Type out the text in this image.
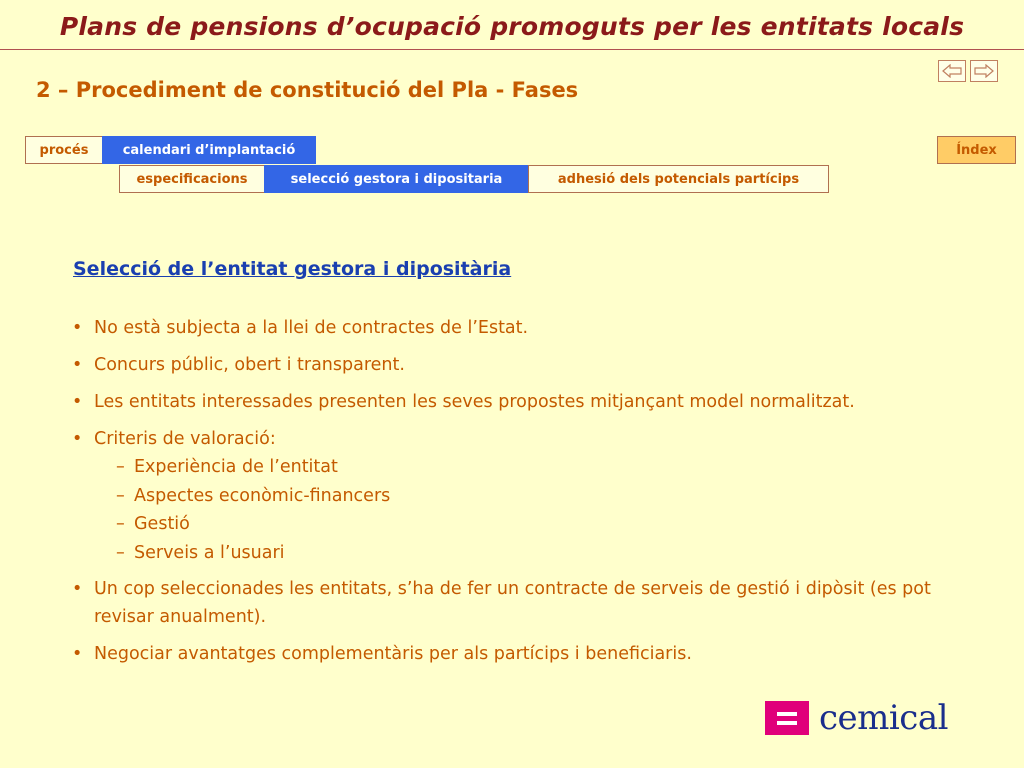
Plans de pensions d’ocupació promoguts per les entitats locals
2 – Procediment de constitució del Pla - Fases
procés	calendari d’implantació	Índex
especificacions	selecció gestora i dipositaria	adhesió dels potencials partícips
Selecció de l’entitat gestora i dipositària
• No està subjecta a la llei de contractes de l’Estat.
• Concurs públic, obert i transparent.
• Les entitats interessades presenten les seves propostes mitjançant model normalitzat.
• Criteris de valoració:
– Experiència de l’entitat
– Aspectes econòmic-financers
– Gestió
– Serveis a l’usuari
• Un cop seleccionades les entitats, s’ha de fer un contracte de serveis de gestió i dipòsit (es pot revisar anualment).
• Negociar avantatges complementàris per als partícips i beneficiaris.
cemical
